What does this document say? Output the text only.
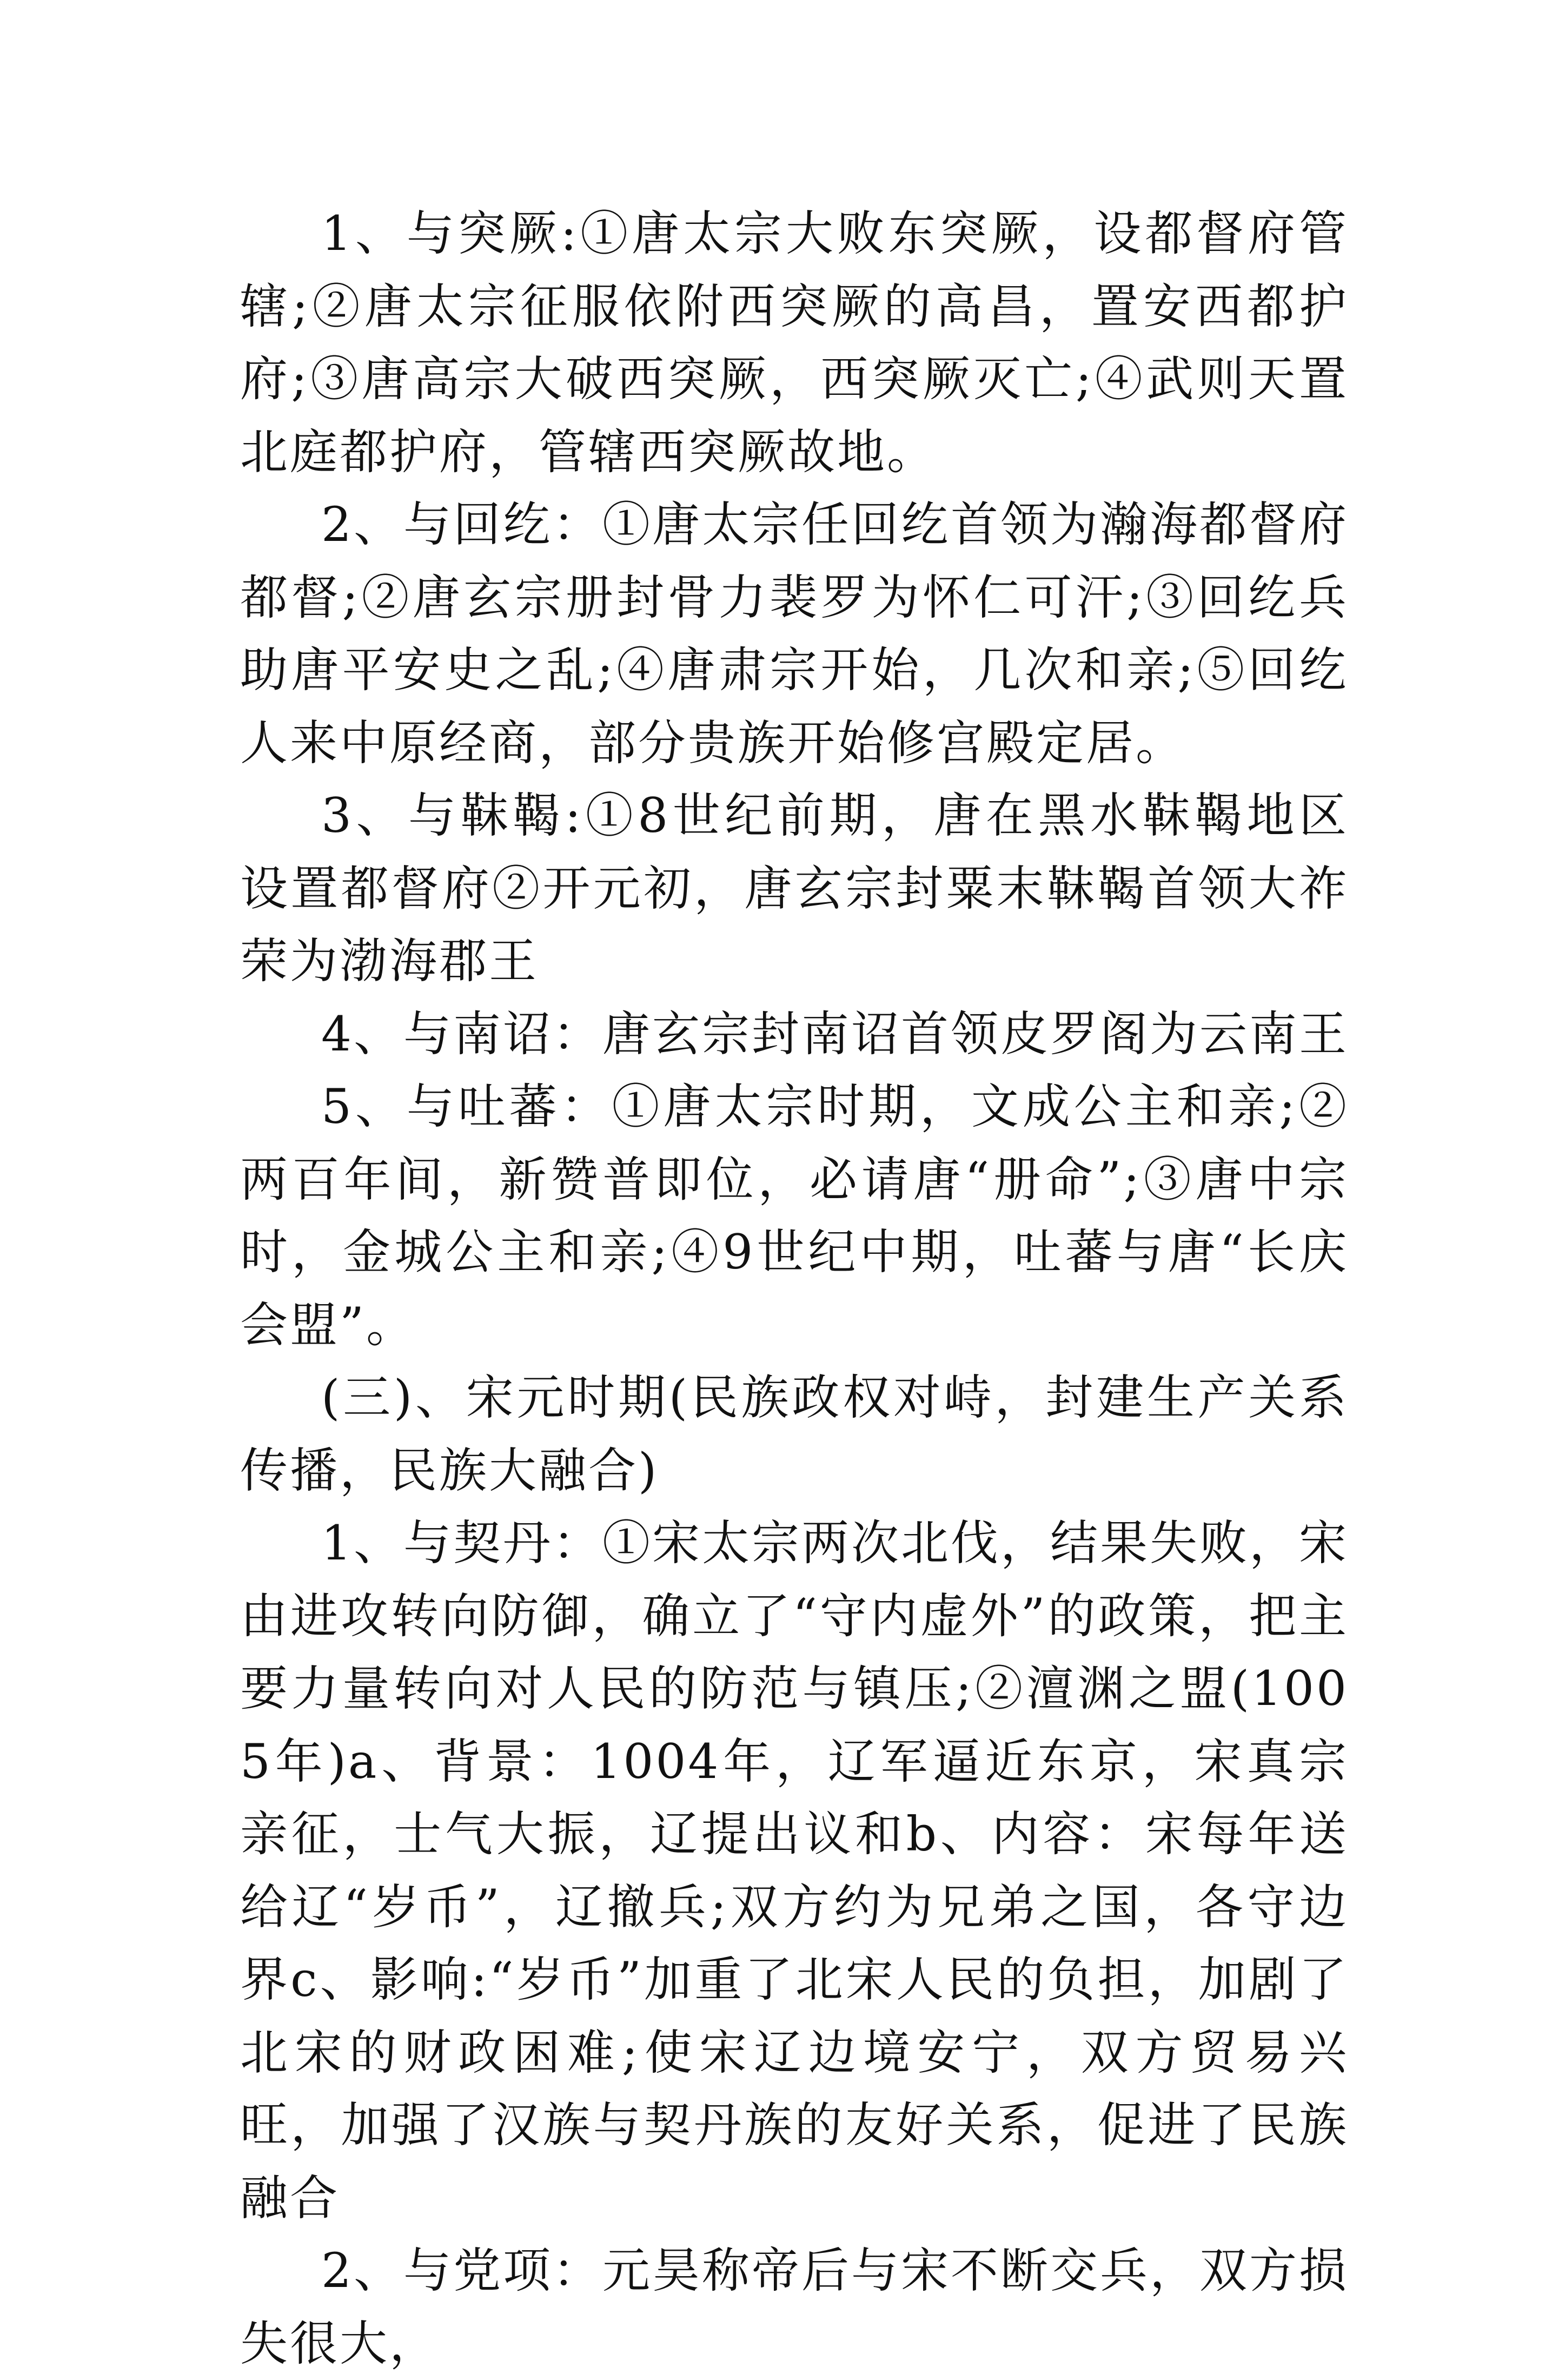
1、与突厥:①唐太宗大败东突厥，设都督府管辖;②唐太宗征服依附西突厥的高昌，置安西都护府;③唐高宗大破西突厥，西突厥灭亡;④武则天置北庭都护府，管辖西突厥故地。

2、与回纥：①唐太宗任回纥首领为瀚海都督府都督;②唐玄宗册封骨力裴罗为怀仁可汗;③回纥兵助唐平安史之乱;④唐肃宗开始，几次和亲;⑤回纥人来中原经商，部分贵族开始修宫殿定居。

3、与靺鞨:①8世纪前期，唐在黑水靺鞨地区设置都督府②开元初，唐玄宗封粟末靺鞨首领大祚荣为渤海郡王

4、与南诏：唐玄宗封南诏首领皮罗阁为云南王

5、与吐蕃：①唐太宗时期，文成公主和亲;②两百年间，新赞普即位，必请唐“册命”;③唐中宗时，金城公主和亲;④9世纪中期，吐蕃与唐“长庆会盟”。

(三)、宋元时期(民族政权对峙，封建生产关系传播，民族大融合)

1、与契丹：①宋太宗两次北伐，结果失败，宋由进攻转向防御，确立了“守内虚外”的政策，把主要力量转向对人民的防范与镇压;②澶渊之盟(1005年)a、背景：1004年，辽军逼近东京，宋真宗亲征，士气大振，辽提出议和b、内容：宋每年送给辽“岁币”，辽撤兵;双方约为兄弟之国，各守边界c、影响:“岁币”加重了北宋人民的负担，加剧了北宋的财政困难;使宋辽边境安宁，双方贸易兴旺，加强了汉族与契丹族的友好关系，促进了民族融合

2、与党项：元昊称帝后与宋不断交兵，双方损失很大，
